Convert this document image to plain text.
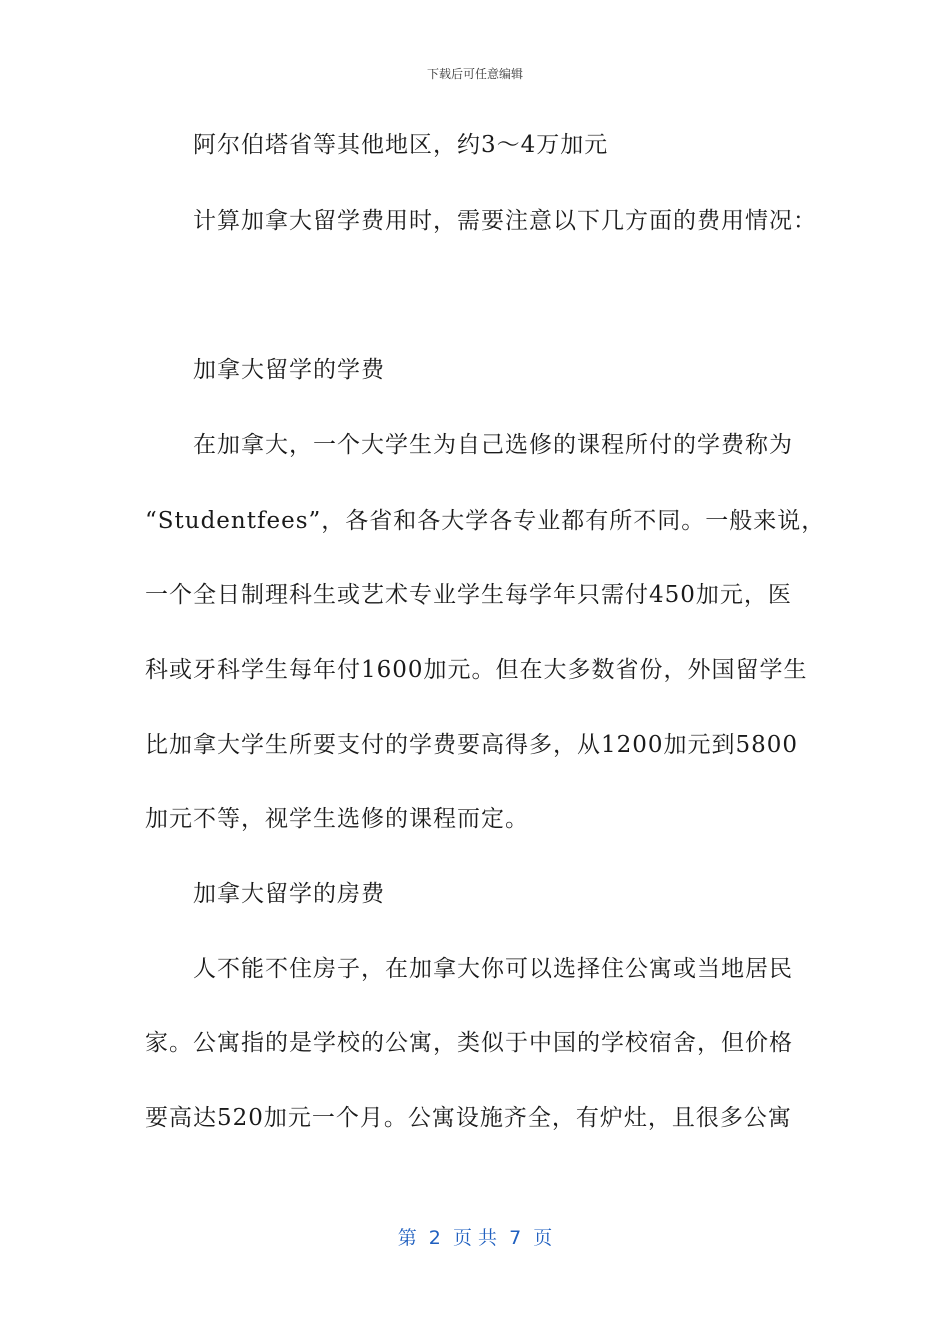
下载后可任意编辑
阿尔伯塔省等其他地区，约3～4万加元
计算加拿大留学费用时，需要注意以下几方面的费用情况：
加拿大留学的学费
在加拿大，一个大学生为自己选修的课程所付的学费称为
“Studentfees”，各省和各大学各专业都有所不同。一般来说，
一个全日制理科生或艺术专业学生每学年只需付450加元，医
科或牙科学生每年付1600加元。但在大多数省份，外国留学生
比加拿大学生所要支付的学费要高得多，从1200加元到5800
加元不等，视学生选修的课程而定。
加拿大留学的房费
人不能不住房子，在加拿大你可以选择住公寓或当地居民
家。公寓指的是学校的公寓，类似于中国的学校宿舍，但价格
要高达520加元一个月。公寓设施齐全，有炉灶，且很多公寓
第  2  页 共  7  页
